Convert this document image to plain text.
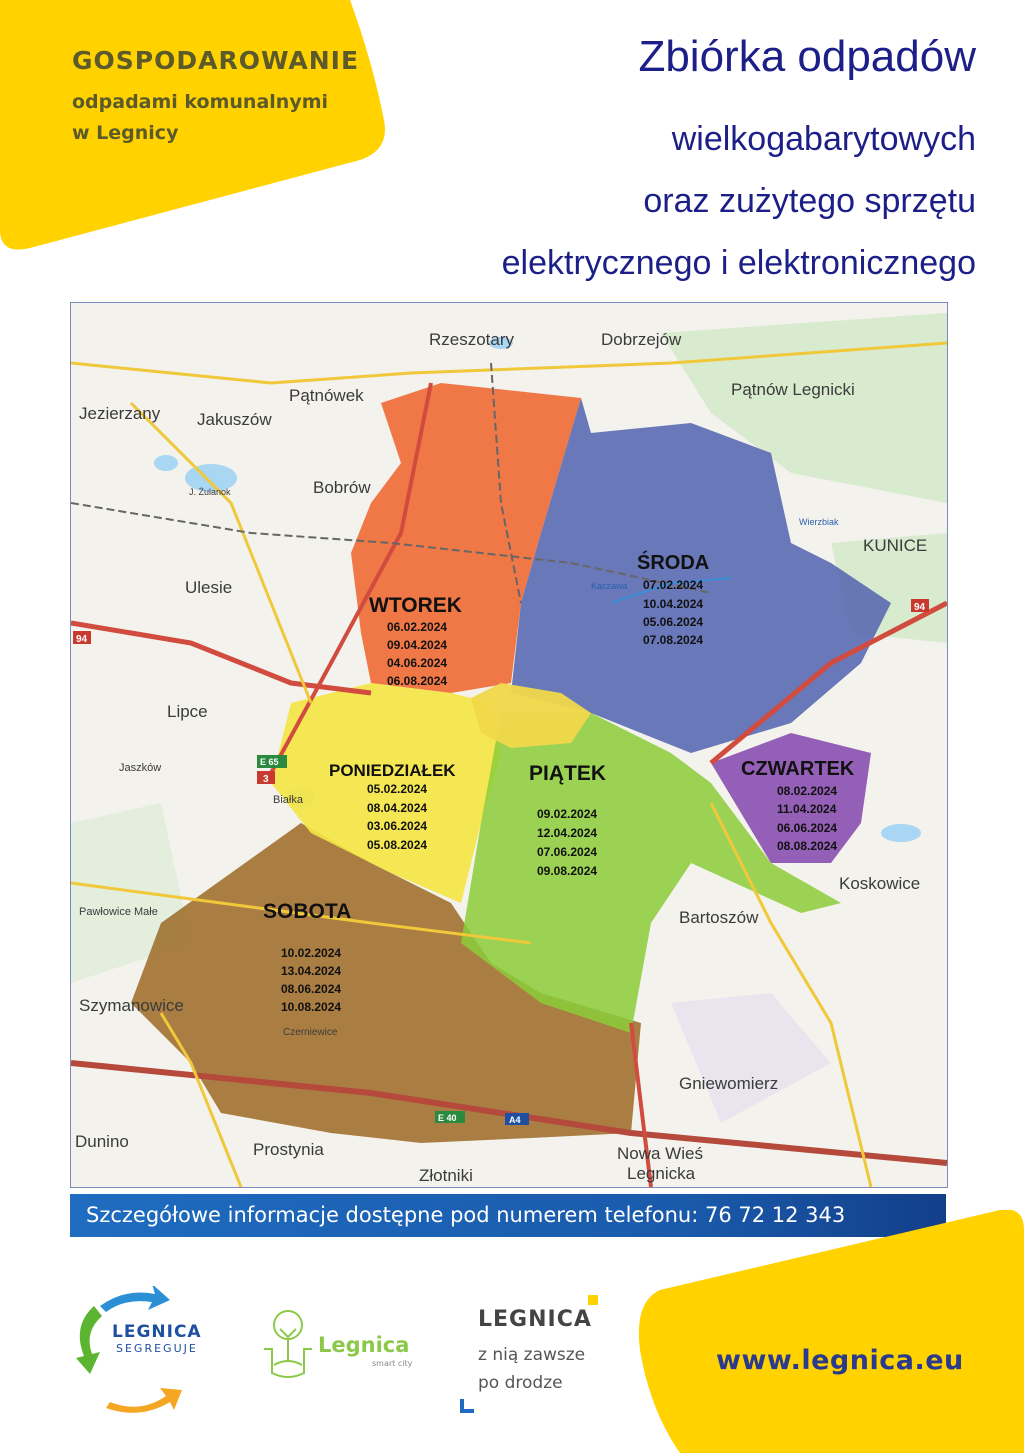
GOSPODAROWANIE
odpadami komunalnymi
w Legnicy
Zbiórka odpadów
wielkogabarytowych
oraz zużytego sprzętu
elektrycznego i elektronicznego
Rzeszotary	Dobrzejów
Pątnów Legnicki
Jezierzany Jakuszów
Pątnówek
J. Żulanok	Bobrów
KUNICE
Ulesie
Lipce
Jaszków
Białka
Pawłowice Małe
Szymanowice
Czerniewice
Koskowice
Bartoszów
Gniewomierz
Dunino	Prostynia
Złotniki
Nowa Wieś
Legnicka
Kaczawa
Wierzbiak
94
94
E 65
3
E 40	A4
WTOREK
06.02.2024
09.04.2024
04.06.2024
06.08.2024
ŚRODA
07.02.2024
10.04.2024
05.06.2024
07.08.2024
CZWARTEK
08.02.2024
11.04.2024
06.06.2024
08.08.2024
PONIEDZIAŁEK
05.02.2024
08.04.2024
03.06.2024
05.08.2024
PIĄTEK
09.02.2024
12.04.2024
07.06.2024
09.08.2024
SOBOTA
10.02.2024
13.04.2024
08.06.2024
10.08.2024
Szczegółowe informacje dostępne pod numerem telefonu: 76 72 12 343
www.legnica.eu
LEGNICA
SEGREGUJE	Legnica
smart city
LEGNICA
z nią zawsze
po drodze
